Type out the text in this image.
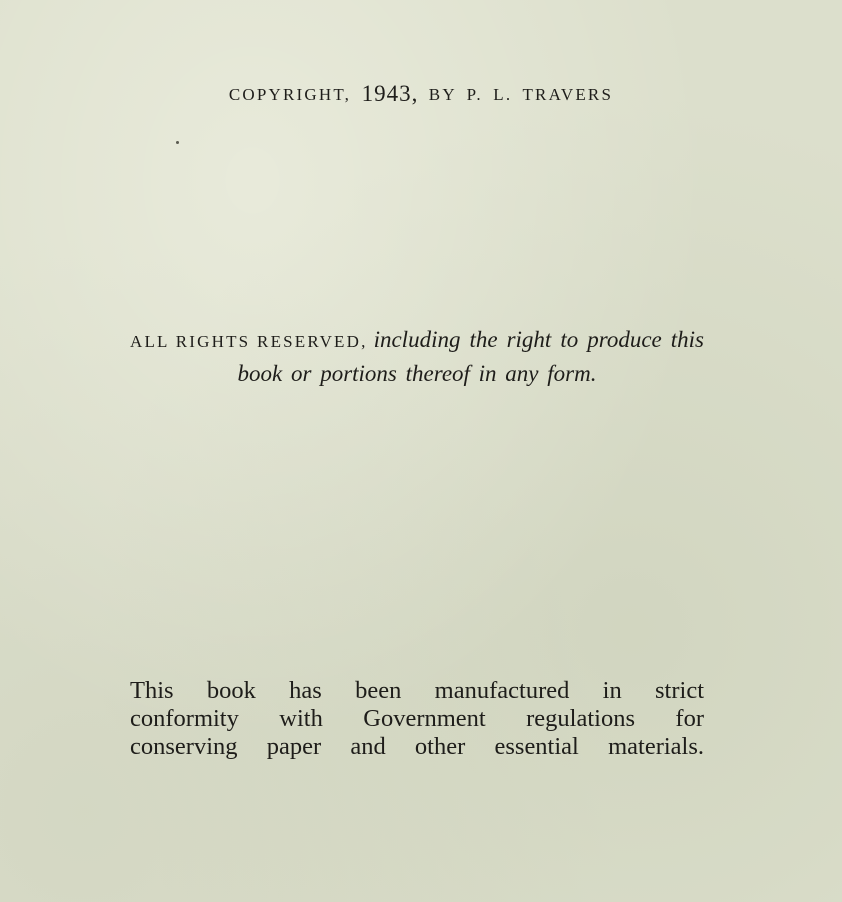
COPYRIGHT, 1943, BY P. L. TRAVERS

ALL RIGHTS RESERVED, including the right to produce this book or portions thereof in any form.

This book has been manufactured in strict
conformity with Government regulations for
conserving paper and other essential materials.
